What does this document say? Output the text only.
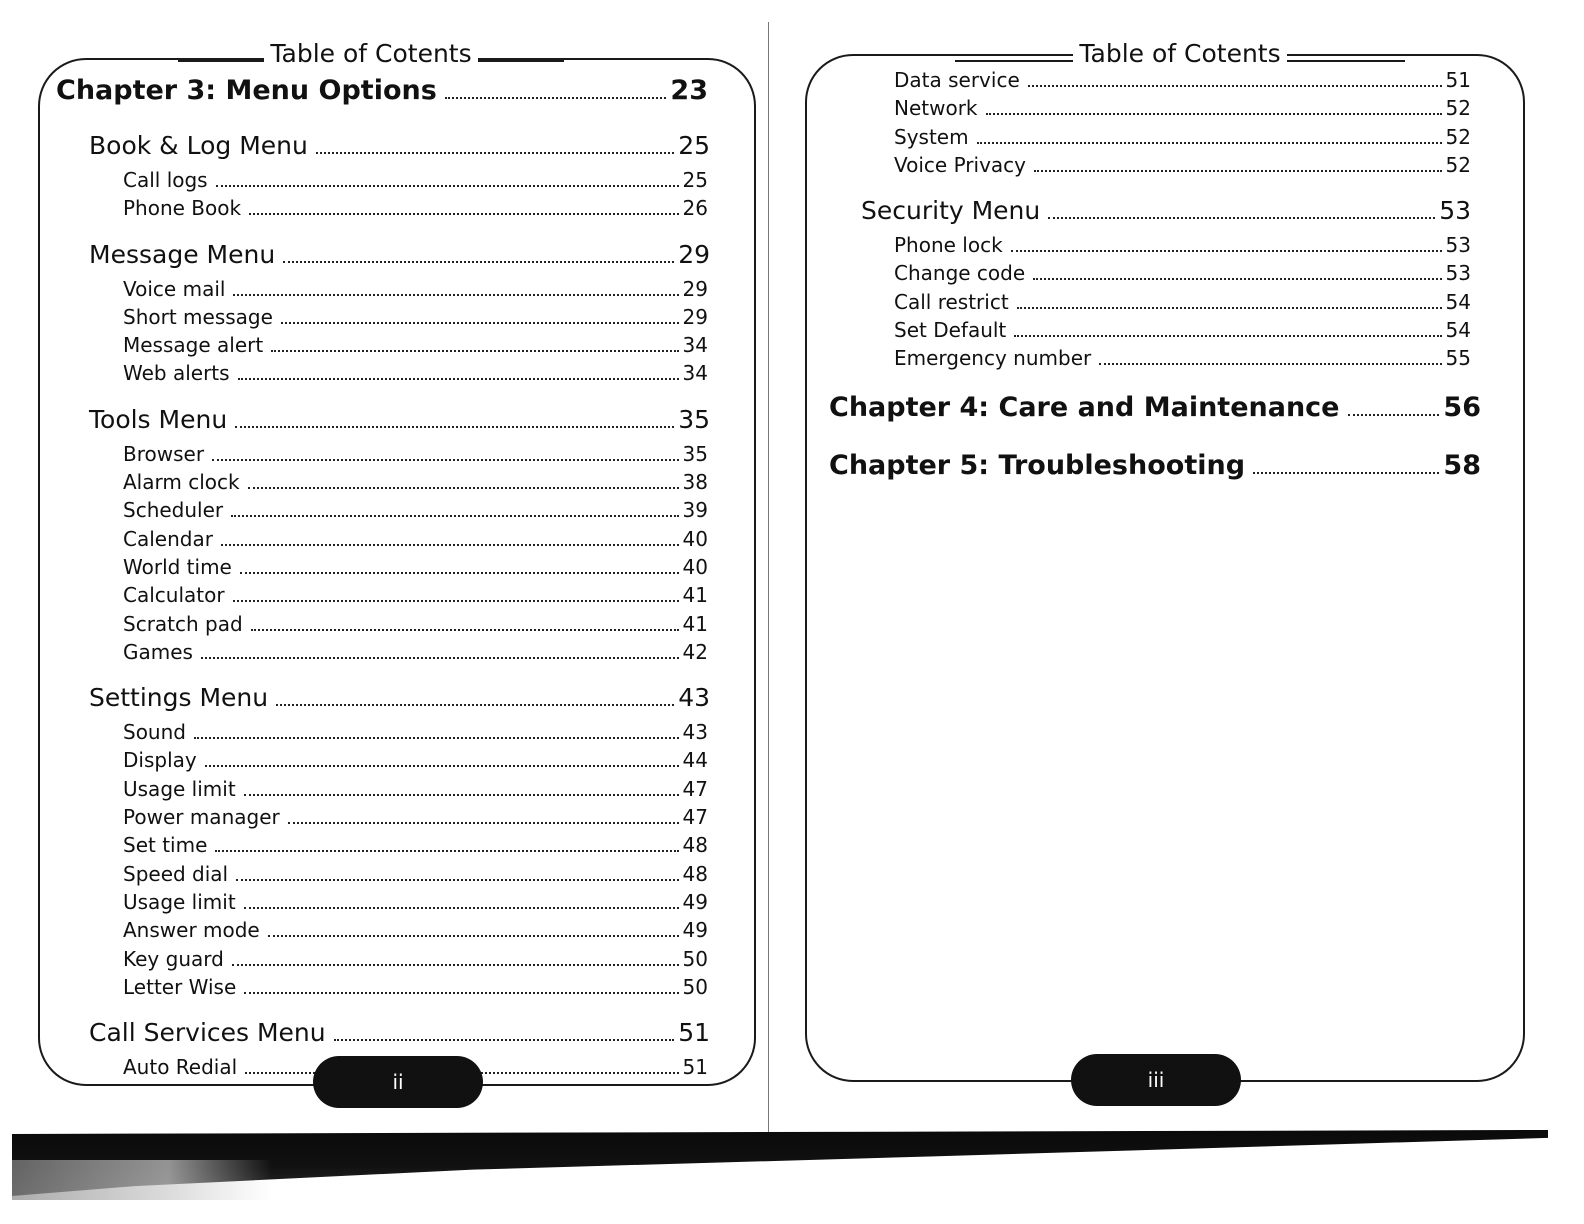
Table of Cotents
Chapter 3: Menu Options	23
Book & Log Menu	25
Call logs	25
Phone Book	26
Message Menu	29
Voice mail	29
Short message	29
Message alert	34
Web alerts	34
Tools Menu	35
Browser	35
Alarm clock	38
Scheduler	39
Calendar	40
World time	40
Calculator	41
Scratch pad	41
Games	42
Settings Menu	43
Sound	43
Display	44
Usage limit	47
Power manager	47
Set time	48
Speed dial	48
Usage limit	49
Answer mode	49
Key guard	50
Letter Wise	50
Call Services Menu	51
Auto Redial	51
ii
Table of Cotents
Data service	51
Network	52
System	52
Voice Privacy	52
Security Menu	53
Phone lock	53
Change code	53
Call restrict	54
Set Default	54
Emergency number	55
Chapter 4: Care and Maintenance	56
Chapter 5: Troubleshooting	58
iii
